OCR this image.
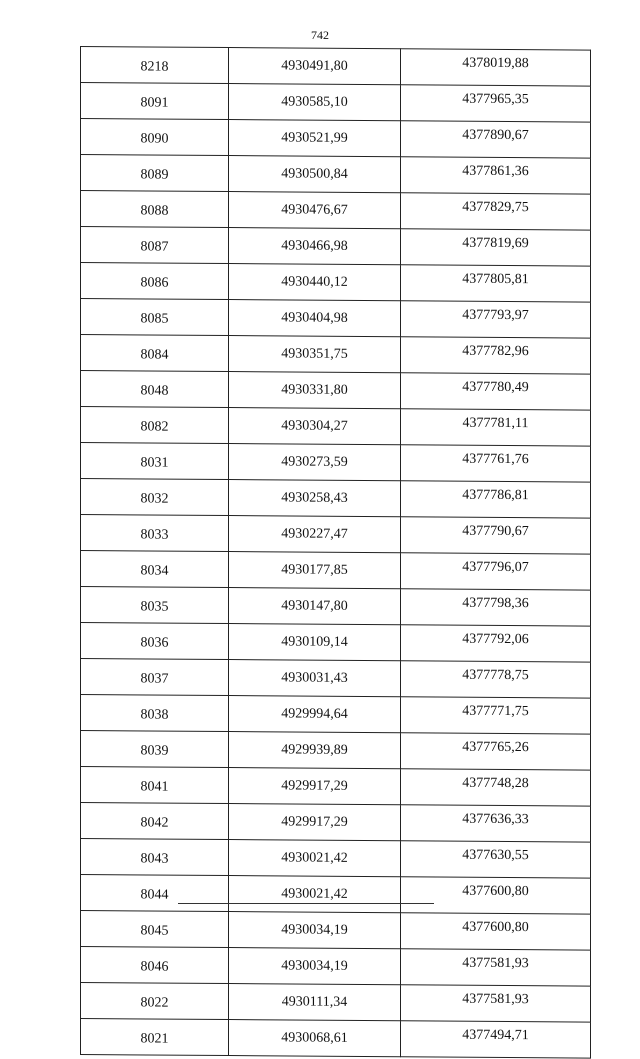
742
8218	4930491,80	4378019,88
8091	4930585,10	4377965,35
8090	4930521,99	4377890,67
8089	4930500,84	4377861,36
8088	4930476,67	4377829,75
8087	4930466,98	4377819,69
8086	4930440,12	4377805,81
8085	4930404,98	4377793,97
8084	4930351,75	4377782,96
8048	4930331,80	4377780,49
8082	4930304,27	4377781,11
8031	4930273,59	4377761,76
8032	4930258,43	4377786,81
8033	4930227,47	4377790,67
8034	4930177,85	4377796,07
8035	4930147,80	4377798,36
8036	4930109,14	4377792,06
8037	4930031,43	4377778,75
8038	4929994,64	4377771,75
8039	4929939,89	4377765,26
8041	4929917,29	4377748,28
8042	4929917,29	4377636,33
8043	4930021,42	4377630,55
8044	4930021,42	4377600,80
8045	4930034,19	4377600,80
8046	4930034,19	4377581,93
8022	4930111,34	4377581,93
8021	4930068,61	4377494,71
